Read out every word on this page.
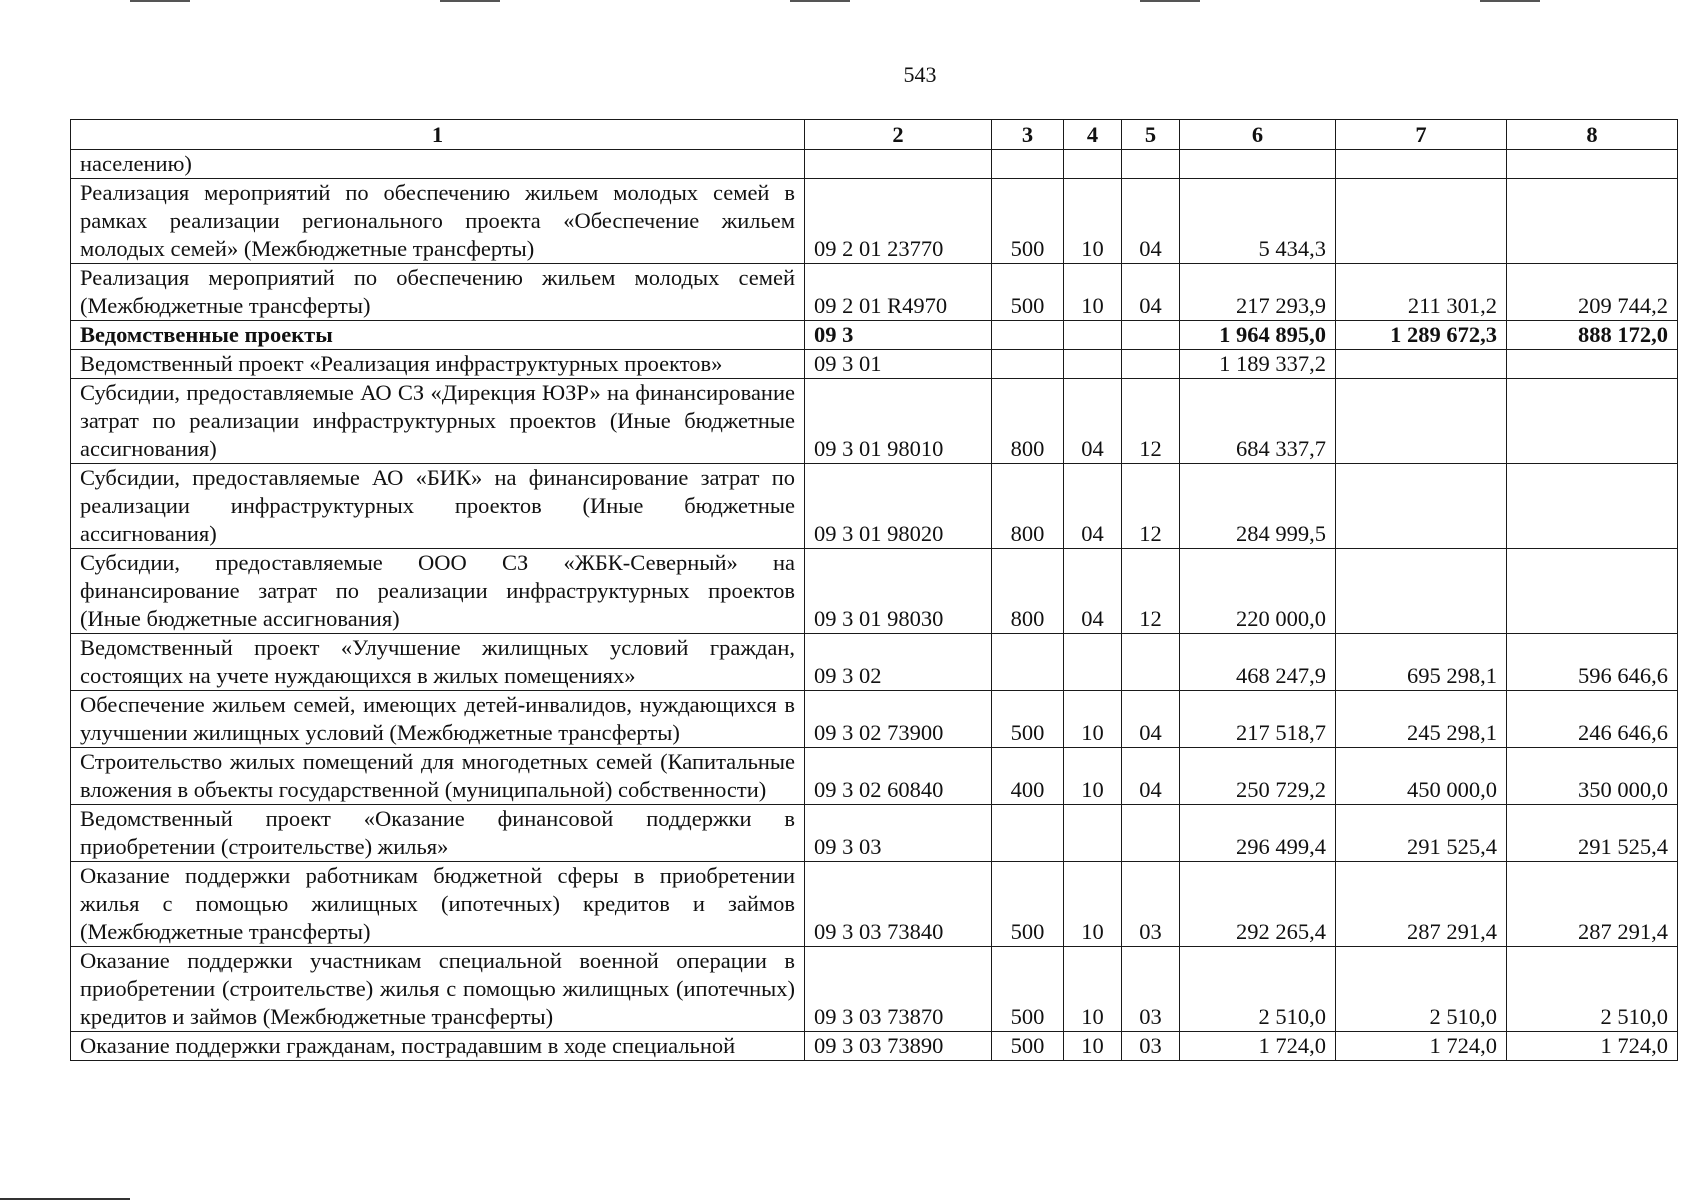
543
1	2	3	4	5	6	7	8
населению)							
Реализация мероприятий по обеспечению жильем молодых семей в рамках реализации регионального проекта «Обеспечение жильем молодых семей» (Межбюджетные трансферты)	09 2 01 23770	500	10	04	5 434,3		
Реализация мероприятий по обеспечению жильем молодых семей (Межбюджетные трансферты)	09 2 01 R4970	500	10	04	217 293,9	211 301,2	209 744,2
Ведомственные проекты	09 3				1 964 895,0	1 289 672,3	888 172,0
Ведомственный проект «Реализация инфраструктурных проектов»	09 3 01				1 189 337,2		
Субсидии, предоставляемые АО СЗ «Дирекция ЮЗР» на финансирование затрат по реализации инфраструктурных проектов (Иные бюджетные ассигнования)	09 3 01 98010	800	04	12	684 337,7		
Субсидии, предоставляемые АО «БИК» на финансирование затрат по реализации инфраструктурных проектов (Иные бюджетные ассигнования)	09 3 01 98020	800	04	12	284 999,5		
Субсидии, предоставляемые ООО СЗ «ЖБК-Северный» на финансирование затрат по реализации инфраструктурных проектов (Иные бюджетные ассигнования)	09 3 01 98030	800	04	12	220 000,0		
Ведомственный проект «Улучшение жилищных условий граждан, состоящих на учете нуждающихся в жилых помещениях»	09 3 02				468 247,9	695 298,1	596 646,6
Обеспечение жильем семей, имеющих детей-инвалидов, нуждающихся в улучшении жилищных условий (Межбюджетные трансферты)	09 3 02 73900	500	10	04	217 518,7	245 298,1	246 646,6
Строительство жилых помещений для многодетных семей (Капитальные вложения в объекты государственной (муниципальной) собственности)	09 3 02 60840	400	10	04	250 729,2	450 000,0	350 000,0
Ведомственный проект «Оказание финансовой поддержки в приобретении (строительстве) жилья»	09 3 03				296 499,4	291 525,4	291 525,4
Оказание поддержки работникам бюджетной сферы в приобретении жилья с помощью жилищных (ипотечных) кредитов и займов (Межбюджетные трансферты)	09 3 03 73840	500	10	03	292 265,4	287 291,4	287 291,4
Оказание поддержки участникам специальной военной операции в приобретении (строительстве) жилья с помощью жилищных (ипотечных) кредитов и займов (Межбюджетные трансферты)	09 3 03 73870	500	10	03	2 510,0	2 510,0	2 510,0
Оказание поддержки гражданам, пострадавшим в ходе специальной	09 3 03 73890	500	10	03	1 724,0	1 724,0	1 724,0
